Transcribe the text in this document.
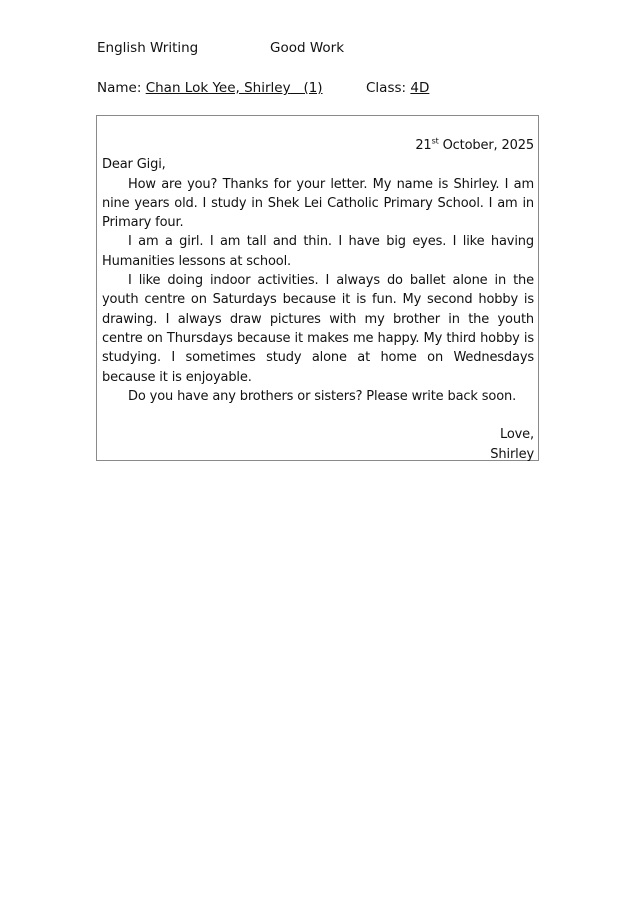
English Writing	Good Work
Name: Chan Lok Yee, Shirley (1)	Class: 4D
21st October, 2025
Dear Gigi,
How are you? Thanks for your letter. My name is Shirley. I am nine years old. I study in Shek Lei Catholic Primary School. I am in Primary four.
I am a girl. I am tall and thin. I have big eyes. I like having Humanities lessons at school.
I like doing indoor activities. I always do ballet alone in the youth centre on Saturdays because it is fun. My second hobby is drawing. I always draw pictures with my brother in the youth centre on Thursdays because it makes me happy. My third hobby is studying. I sometimes study alone at home on Wednesdays because it is enjoyable.
Do you have any brothers or sisters? Please write back soon.
Love,
Shirley
